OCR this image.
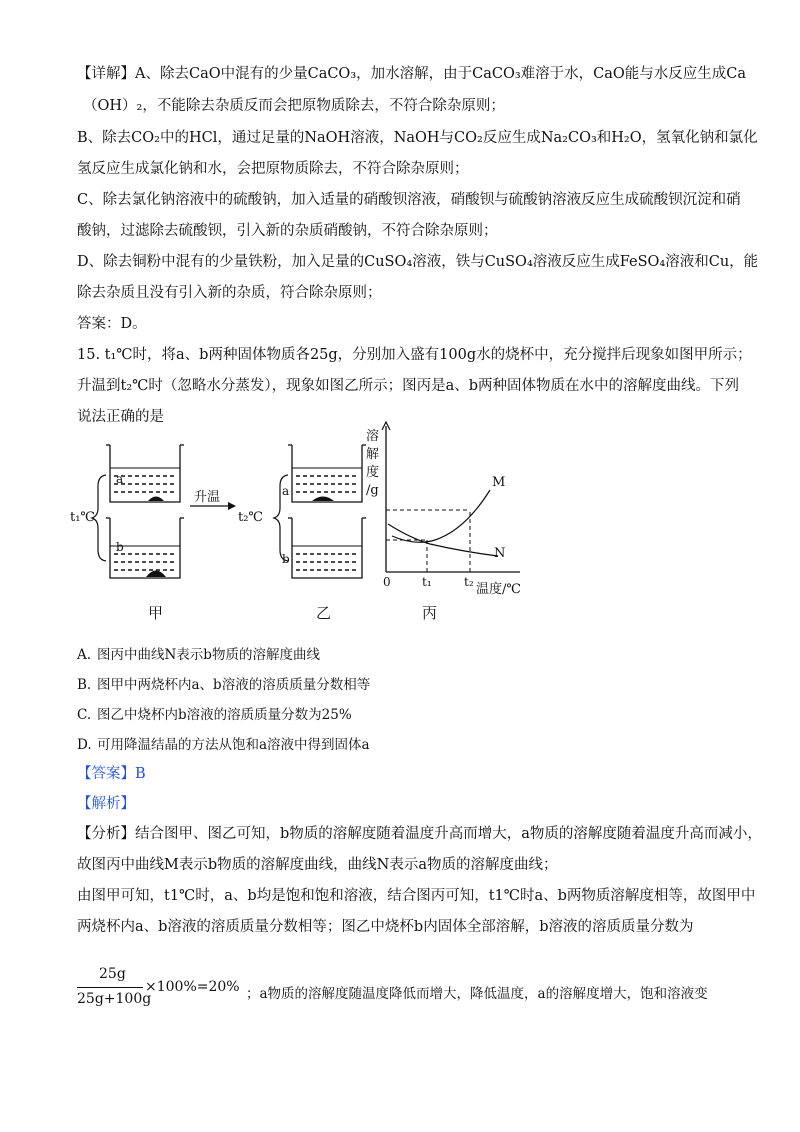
【详解】A、除去CaO中混有的少量CaCO₃，加水溶解，由于CaCO₃难溶于水，CaO能与水反应生成Ca
（OH）₂，不能除去杂质反而会把原物质除去，不符合除杂原则；
B、除去CO₂中的HCl，通过足量的NaOH溶液，NaOH与CO₂反应生成Na₂CO₃和H₂O，氢氧化钠和氯化
氢反应生成氯化钠和水，会把原物质除去，不符合除杂原则；
C、除去氯化钠溶液中的硫酸钠，加入适量的硝酸钡溶液，硝酸钡与硫酸钠溶液反应生成硫酸钡沉淀和硝
酸钠，过滤除去硫酸钡，引入新的杂质硝酸钠，不符合除杂原则；
D、除去铜粉中混有的少量铁粉，加入足量的CuSO₄溶液，铁与CuSO₄溶液反应生成FeSO₄溶液和Cu，能
除去杂质且没有引入新的杂质，符合除杂原则；
答案：D。
15. t₁℃时，将a、b两种固体物质各25g，分别加入盛有100g水的烧杯中，充分搅拌后现象如图甲所示；
升温到t₂℃时（忽略水分蒸发），现象如图乙所示；图丙是a、b两种固体物质在水中的溶解度曲线。下列
说法正确的是
t₁℃
a
b
升温
t₂℃
a
b
溶
解
度
/g
M
N
0	t₁	t₂ 温度/℃
甲	乙	丙
A. 图丙中曲线N表示b物质的溶解度曲线
B. 图甲中两烧杯内a、b溶液的溶质质量分数相等
C. 图乙中烧杯内b溶液的溶质质量分数为25%
D. 可用降温结晶的方法从饱和a溶液中得到固体a
【答案】B
【解析】
【分析】结合图甲、图乙可知，b物质的溶解度随着温度升高而增大，a物质的溶解度随着温度升高而减小，
故图丙中曲线M表示b物质的溶解度曲线，曲线N表示a物质的溶解度曲线；
由图甲可知，t1℃时，a、b均是饱和饱和溶液，结合图丙可知，t1℃时a、b两物质溶解度相等，故图甲中
两烧杯内a、b溶液的溶质质量分数相等；图乙中烧杯b内固体全部溶解，b溶液的溶质质量分数为
25g
25g+100g
×100%=20% ；a物质的溶解度随温度降低而增大，降低温度，a的溶解度增大，饱和溶液变
